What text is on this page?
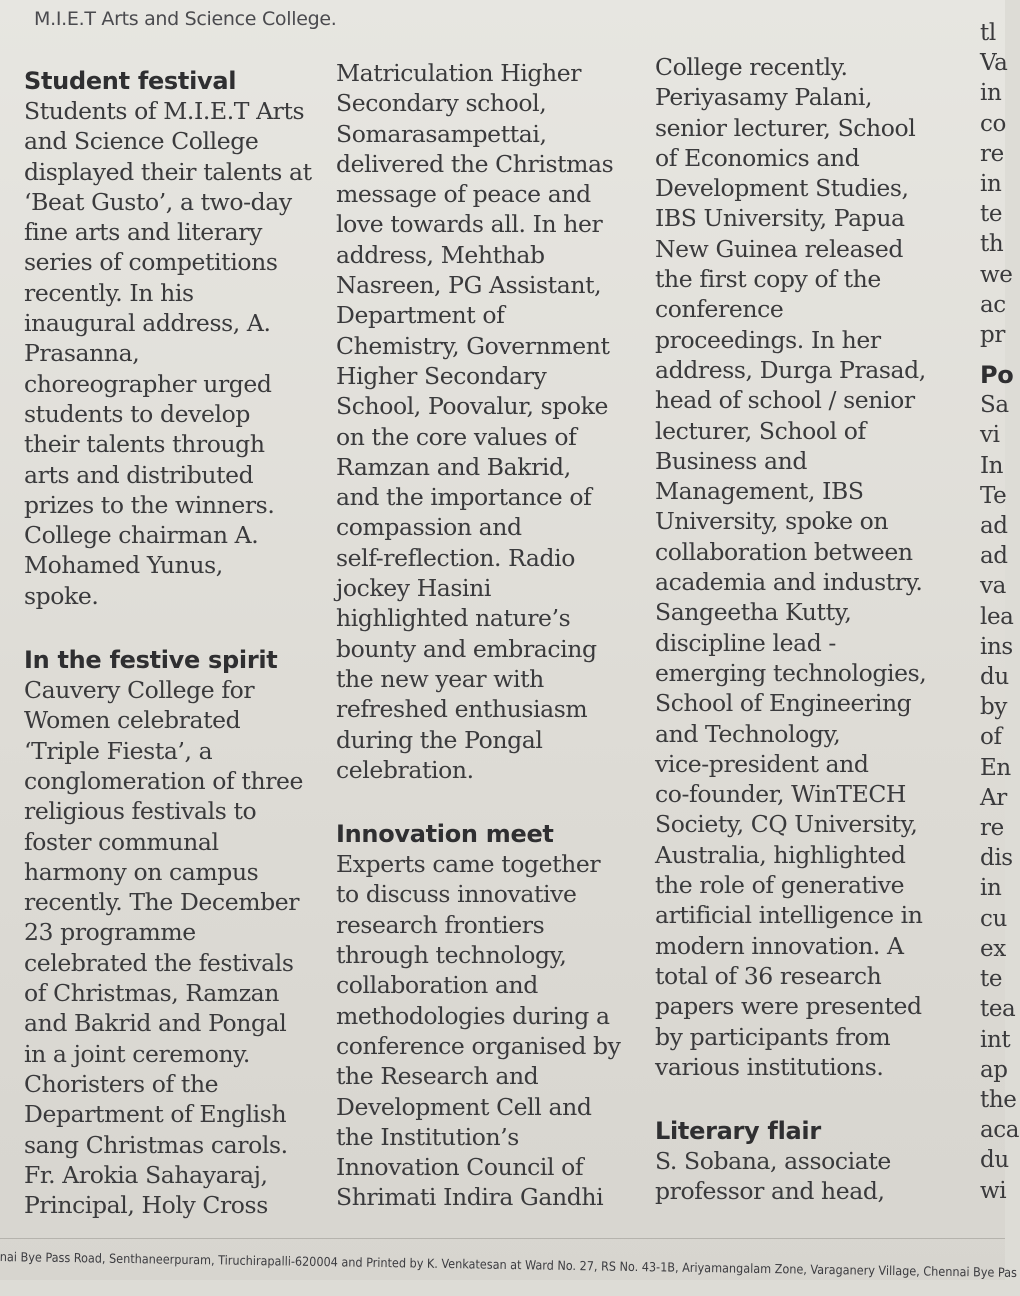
M.I.E.T Arts and Science College.
Student festival

Students of M.I.E.T Arts

and Science College

displayed their talents at

‘Beat Gusto’, a two-day

fine arts and literary

series of competitions

recently. In his

inaugural address, A.

Prasanna,

choreographer urged

students to develop

their talents through

arts and distributed

prizes to the winners.

College chairman A.

Mohamed Yunus,

spoke.

In the festive spirit

Cauvery College for

Women celebrated

‘Triple Fiesta’, a

conglomeration of three

religious festivals to

foster communal

harmony on campus

recently. The December

23 programme

celebrated the festivals

of Christmas, Ramzan

and Bakrid and Pongal

in a joint ceremony.

Choristers of the

Department of English

sang Christmas carols.

Fr. Arokia Sahayaraj,

Principal, Holy Cross

Matriculation Higher

Secondary school,

Somarasampettai,

delivered the Christmas

message of peace and

love towards all. In her

address, Mehthab

Nasreen, PG Assistant,

Department of

Chemistry, Government

Higher Secondary

School, Poovalur, spoke

on the core values of

Ramzan and Bakrid,

and the importance of

compassion and

self-reflection. Radio

jockey Hasini

highlighted nature’s

bounty and embracing

the new year with

refreshed enthusiasm

during the Pongal

celebration.

Innovation meet

Experts came together

to discuss innovative

research frontiers

through technology,

collaboration and

methodologies during a

conference organised by

the Research and

Development Cell and

the Institution’s

Innovation Council of

Shrimati Indira Gandhi

College recently.

Periyasamy Palani,

senior lecturer, School

of Economics and

Development Studies,

IBS University, Papua

New Guinea released

the first copy of the

conference

proceedings. In her

address, Durga Prasad,

head of school / senior

lecturer, School of

Business and

Management, IBS

University, spoke on

collaboration between

academia and industry.

Sangeetha Kutty,

discipline lead -

emerging technologies,

School of Engineering

and Technology,

vice-president and

co-founder, WinTECH

Society, CQ University,

Australia, highlighted

the role of generative

artificial intelligence in

modern innovation. A

total of 36 research

papers were presented

by participants from

various institutions.

Literary flair

S. Sobana, associate

professor and head,

tl

Va

in

co

re

in

te

th

we

ac

pr

Po

Sa

vi

In

Te

ad

ad

va

lea

ins

du

by

of

En

Ar

re

dis

in

cu

ex

te

tea

int

ap

the

aca

du

wi

nai Bye Pass Road, Senthaneerpuram, Tiruchirapalli-620004 and Printed by K. Venkatesan at Ward No. 27, RS No. 43-1B, Ariyamangalam Zone, Varaganery Village, Chennai Bye Pas
